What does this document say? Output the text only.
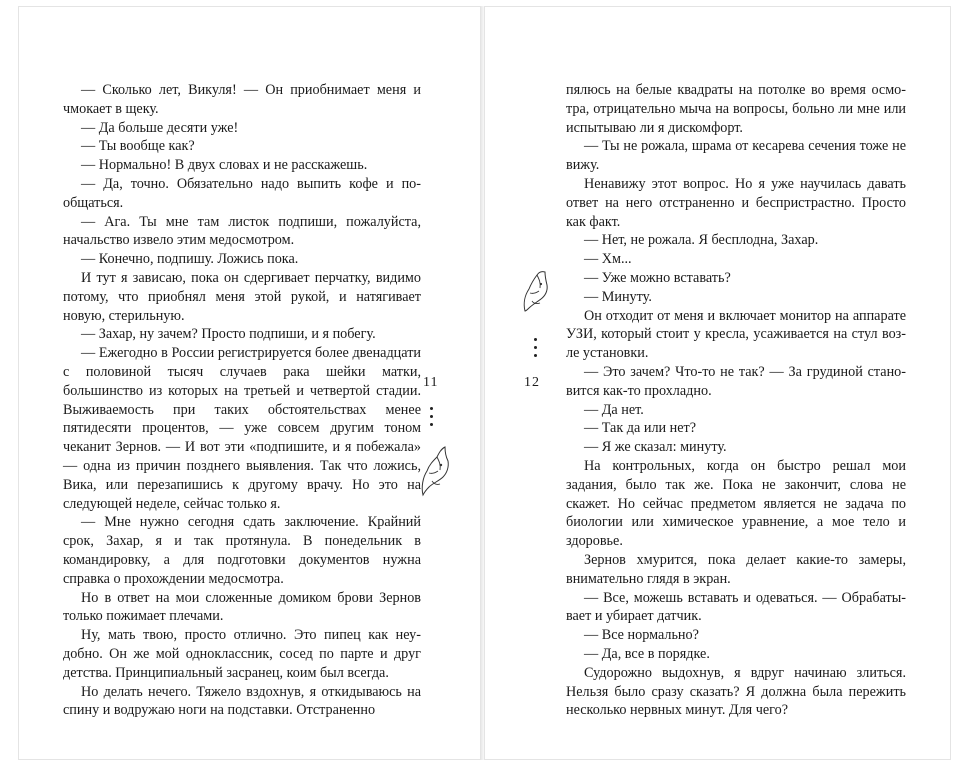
— Сколько лет, Викуля! — Он приобнимает меня и чмокает в щеку.

— Да больше десяти уже!

— Ты вообще как?

— Нормально! В двух словах и не расскажешь.

— Да, точно. Обязательно надо выпить кофе и пообщаться.

— Ага. Ты мне там листок подпиши, пожалуйста, начальство извело этим медосмотром.

— Конечно, подпишу. Ложись пока.

И тут я зависаю, пока он сдергивает перчатку, видимо потому, что приобнял меня этой рукой, и натягивает новую, стерильную.

— Захар, ну зачем? Просто подпиши, и я побегу.

— Ежегодно в России регистрируется более двенадцати с половиной тысяч случаев рака шейки матки, большинство из которых на третьей и четвертой стадии. Выживаемость при таких обстоятельствах менее пятидесяти процентов, — уже совсем другим тоном чеканит Зернов. — И вот эти «подпишите, и я побежала» — одна из причин позднего выявления. Так что ложись, Вика, или перезапишись к другому врачу. Но это на следующей неделе, сейчас только я.

— Мне нужно сегодня сдать заключение. Крайний срок, Захар, я и так протянула. В понедельник в командировку, а для подготовки документов нужна справка о прохождении медосмотра.

Но в ответ на мои сложенные домиком брови Зернов только пожимает плечами.

Ну, мать твою, просто отлично. Это пипец как неудобно. Он же мой одноклассник, сосед по парте и друг детства. Принципиальный засранец, коим был всегда.

Но делать нечего. Тяжело вздохнув, я откидываюсь на спину и водружаю ноги на подставки. Отстраненно

11	12

пялюсь на белые квадраты на потолке во время осмотра, отрицательно мыча на вопросы, больно ли мне или испытываю ли я дискомфорт.

— Ты не рожала, шрама от кесарева сечения тоже не вижу.

Ненавижу этот вопрос. Но я уже научилась давать ответ на него отстраненно и беспристрастно. Просто как факт.

— Нет, не рожала. Я бесплодна, Захар.

— Хм...

— Уже можно вставать?

— Минуту.

Он отходит от меня и включает монитор на аппарате УЗИ, который стоит у кресла, усаживается на стул возле установки.

— Это зачем? Что-то не так? — За грудиной становится как-то прохладно.

— Да нет.

— Так да или нет?

— Я же сказал: минуту.

На контрольных, когда он быстро решал мои задания, было так же. Пока не закончит, слова не скажет. Но сейчас предметом является не задача по биологии или химическое уравнение, а мое тело и здоровье.

Зернов хмурится, пока делает какие-то замеры, внимательно глядя в экран.

— Все, можешь вставать и одеваться. — Обрабатывает и убирает датчик.

— Все нормально?

— Да, все в порядке.

Судорожно выдохнув, я вдруг начинаю злиться. Нельзя было сразу сказать? Я должна была пережить несколько нервных минут. Для чего?
